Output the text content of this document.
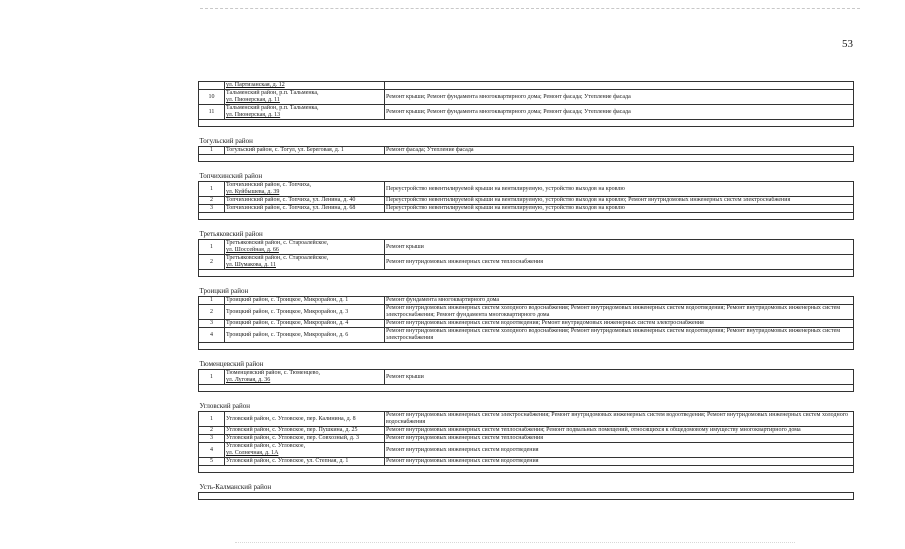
53

	ул. Партизанская, д. 12	

10	Тальменский район, р.п. Тальменка,
ул. Пионерская, д. 11	Ремонт крыши; Ремонт фундамента многоквартирного дома; Ремонт фасада; Утепление фасада
11	Тальменский район, р.п. Тальменка,
ул. Пионерская, д. 13	Ремонт крыши; Ремонт фундамента многоквартирного дома; Ремонт фасада; Утепление фасада

Тогульский район		
1	Тогульский район, с. Тогул, ул. Береговая, д. 1	Ремонт фасада; Утепление фасада

Топчихинский район		
1	Топчихинский район, с. Топчиха,
ул. Куйбышева, д. 39	Переустройство невентилируемой крыши на вентилируемую, устройство выходов на кровлю
2	Топчихинский район, с. Топчиха, ул. Ленина, д. 40	Переустройство невентилируемой крыши на вентилируемую, устройство выходов на кровлю; Ремонт внутридомовых инженерных систем электроснабжения
3	Топчихинский район, с. Топчиха, ул. Ленина, д. 68	Переустройство невентилируемой крыши на вентилируемую, устройство выходов на кровлю

Третьяковский район		
1	Третьяковский район, с. Староалейское,
ул. Шоссейная, д. 66	Ремонт крыши
2	Третьяковский район, с. Староалейское,
ул. Шумакова, д. 11	Ремонт внутридомовых инженерных систем теплоснабжения

Троицкий район		
1	Троицкий район, с. Троицкое, Микрорайон, д. 1	Ремонт фундамента многоквартирного дома
2	Троицкий район, с. Троицкое, Микрорайон, д. 3	Ремонт внутридомовых инженерных систем холодного водоснабжения; Ремонт внутридомовых инженерных систем водоотведения; Ремонт внутридомовых инженерных систем электроснабжения; Ремонт фундамента многоквартирного дома
3	Троицкий район, с. Троицкое, Микрорайон, д. 4	Ремонт внутридомовых инженерных систем водоотведения; Ремонт внутридомовых инженерных систем электроснабжения
4	Троицкий район, с. Троицкое, Микрорайон, д. 6	Ремонт внутридомовых инженерных систем холодного водоснабжения; Ремонт внутридомовых инженерных систем водоотведения; Ремонт внутридомовых инженерных систем электроснабжения

Тюменцевский район		
1	Тюменцевский район, с. Тюменцево,
ул. Луговая, д. 36	Ремонт крыши

Угловский район		
1	Угловский район, с. Угловское, пер. Калинина, д. 8	Ремонт внутридомовых инженерных систем электроснабжения; Ремонт внутридомовых инженерных систем водоотведения; Ремонт внутридомовых инженерных систем холодного водоснабжения
2	Угловский район, с. Угловское, пер. Пушкина, д. 25	Ремонт внутридомовых инженерных систем теплоснабжения; Ремонт подвальных помещений, относящихся к общедомовому имуществу многоквартирного дома
3	Угловский район, с. Угловское, пер. Совхозный, д. 3	Ремонт внутридомовых инженерных систем теплоснабжения
4	Угловский район, с. Угловское,
ул. Солнечная, д. 1А	Ремонт внутридомовых инженерных систем водоотведения
5	Угловский район, с. Угловское, ул. Степная, д. 1	Ремонт внутридомовых инженерных систем водоотведения

Усть-Калманский район		
